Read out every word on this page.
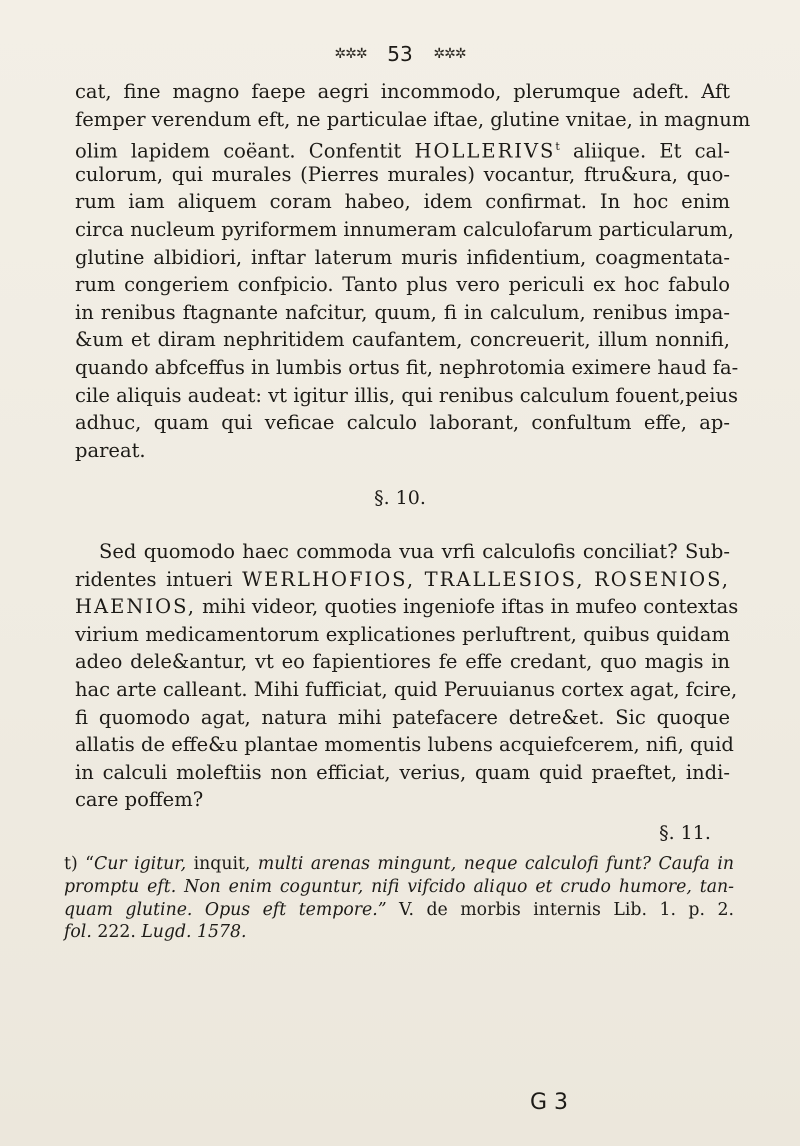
✲✲✲ 53 ✲✲✲
cat, fine magno faepe aegri incommodo, plerumque adeft. Aft
femper verendum eft, ne particulae iftae, glutine vnitae, in magnum
olim lapidem coëant. Confentit HOLLERIVS$^t$ aliique. Et cal-
culorum, qui murales (Pierres murales) vocantur, ftru&ura, quo-
rum iam aliquem coram habeo, idem confirmat. In hoc enim
circa nucleum pyriformem innumeram calculofarum particularum,
glutine albidiori, inftar laterum muris infidentium, coagmentata-
rum congeriem confpicio. Tanto plus vero periculi ex hoc fabulo
in renibus ftagnante nafcitur, quum, fi in calculum, renibus impa-
&um et diram nephritidem caufantem, concreuerit, illum nonnifi,
quando abfceffus in lumbis ortus fit, nephrotomia eximere haud fa-
cile aliquis audeat: vt igitur illis, qui renibus calculum fouent,peius
adhuc, quam qui veficae calculo laborant, confultum effe, ap-
pareat.
§. 10.
Sed quomodo haec commoda vua vrfi calculofis conciliat? Sub-
ridentes intueri WERLHOFIOS, TRALLESIOS, ROSENIOS,
HAENIOS, mihi videor, quoties ingeniofe iftas in mufeo contextas
virium medicamentorum explicationes perluftrent, quibus quidam
adeo dele&antur, vt eo fapientiores fe effe credant, quo magis in
hac arte calleant. Mihi fufficiat, quid Peruuianus cortex agat, fcire,
fi quomodo agat, natura mihi patefacere detre&et. Sic quoque
allatis de effe&u plantae momentis lubens acquiefcerem, nifi, quid
in calculi moleftiis non efficiat, verius, quam quid praeftet, indi-
care poffem?
§. 11.
t) “Cur igitur, inquit, multi arenas mingunt, neque calculofi funt? Caufa in
promptu eft. Non enim coguntur, nifi vifcido aliquo et crudo humore, tan-
quam glutine. Opus eft tempore.” V. de morbis internis Lib. 1. p. 2.
fol. 222. Lugd. 1578.
G 3
